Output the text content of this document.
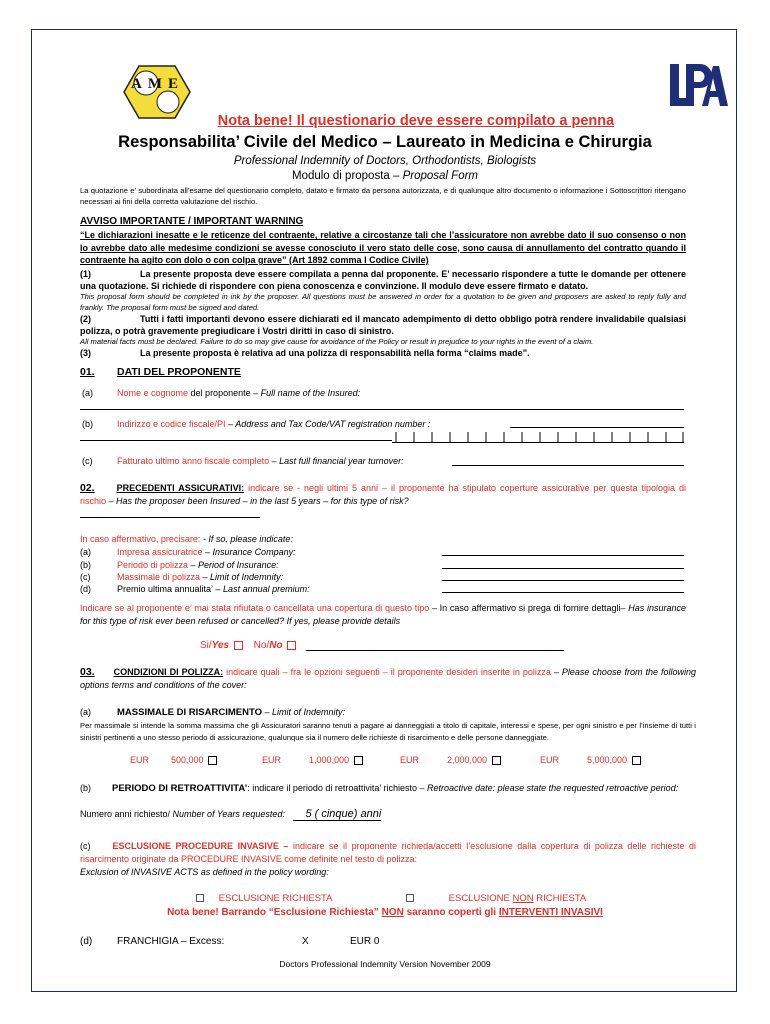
AME
Nota bene! Il questionario deve essere compilato a penna
Responsabilita’ Civile del Medico – Laureato in Medicina e Chirurgia
Professional Indemnity of Doctors, Orthodontists, Biologists
Modulo di proposta – Proposal Form
La quotazione e’ subordinata all’esame del questionario completo, datato e firmato da persona autorizzata, e di qualunque altro documento o informazione i Sottoscrittori ritengano necessari ai fini della corretta valutazione del rischio.
AVVISO IMPORTANTE / IMPORTANT WARNING
“Le dichiarazioni inesatte e le reticenze del contraente, relative a circostanze tali che l’assicuratore non avrebbe dato il suo consenso o non lo avrebbe dato alle medesime condizioni se avesse conosciuto il vero stato delle cose, sono causa di annullamento del contratto quando il contraente ha agito con dolo o con colpa grave” (Art 1892 comma I Codice Civile)
(1)	La presente proposta deve essere compilata a penna dal proponente. E’ necessario rispondere a tutte le domande per ottenere una quotazione. Si richiede di rispondere con piena conoscenza e convinzione. Il modulo deve essere firmato e datato.
This proposal form should be completed in ink by the proposer. All questions must be answered in order for a quotation to be given and proposers are asked to reply fully and frankly. The proposal form must be signed and dated.
(2)	Tutti i fatti importanti devono essere dichiarati ed il mancato adempimento di detto obbligo potrà rendere invalidabile qualsiasi polizza, o potrà gravemente pregiudicare i Vostri diritti in caso di sinistro.
All material facts must be declared. Failure to do so may give cause for avoidance of the Policy or result in prejudice to your rights in the event of a claim.
(3)	La presente proposta è relativa ad una polizza di responsabilità nella forma “claims made”.
01. DATI DEL PROPONENTE
(a)	Nome e cognome del proponente – Full name of the Insured:
(b)	Indirizzo e codice fiscale/PI – Address and Tax Code/VAT registration number :
(c)	Fatturato ultimo anno fiscale completo – Last full financial year turnover:
02. PRECEDENTI ASSICURATIVI: indicare se - negli ultimi 5 anni – il proponente ha stipulato coperture assicurative per questa tipologia di rischio – Has the proposer been Insured – in the last 5 years – for this type of risk?
In caso affermativo, precisare: - If so, please indicate:
(a)	Impresa assicuratrice – Insurance Company:
(b)	Periodo di polizza – Period of Insurance:
(c)	Massimale di polizza – Limit of Indemnity:
(d)	Premio ultima annualita’ – Last annual premium:
Indicare se al proponente e’ mai stata rifiutata o cancellata una copertura di questo tipo – In caso affermativo si prega di fornire dettagli– Has insurance for this type of risk ever been refused or cancelled? If yes, please provide details
Si/Yes No/No
03. CONDIZIONI DI POLIZZA: indicare quali – fra le opzioni seguenti – il proponente desideri inserite in polizza – Please choose from the following options terms and conditions of the cover:
(a)	MASSIMALE DI RISARCIMENTO – Limit of Indemnity:
Per massimale si intende la somma massima che gli Assicuratori saranno tenuti a pagare ai danneggiati a titolo di capitale, interessi e spese, per ogni sinistro e per l’insieme di tutti i sinistri pertinenti a uno stesso periodo di assicurazione, qualunque sia il numero delle richieste di risarcimento e delle persone danneggiate.
EUR 500,000	EUR	1,000,000	EUR	2,000,000	EUR	5,000,000
(b) PERIODO DI RETROATTIVITA’: indicare il periodo di retroattivita’ richiesto – Retroactive date: please state the requested retroactive period:
Numero anni richiesto/ Number of Years requested: 5 ( cinque) anni
(c) ESCLUSIONE PROCEDURE INVASIVE – indicare se il proponente richieda/accetti l’esclusione dalla copertura di polizza delle richieste di risarcimento originate da PROCEDURE INVASIVE come definite nel testo di polizza:
Exclusion of INVASIVE ACTS as defined in the policy wording:
ESCLUSIONE RICHIESTA	ESCLUSIONE NON RICHIESTA
Nota bene! Barrando “Esclusione Richiesta” NON saranno coperti gli INTERVENTI INVASIVI
(d) FRANCHIGIA – Excess:	X	EUR 0
Doctors Professional Indemnity Version November 2009
